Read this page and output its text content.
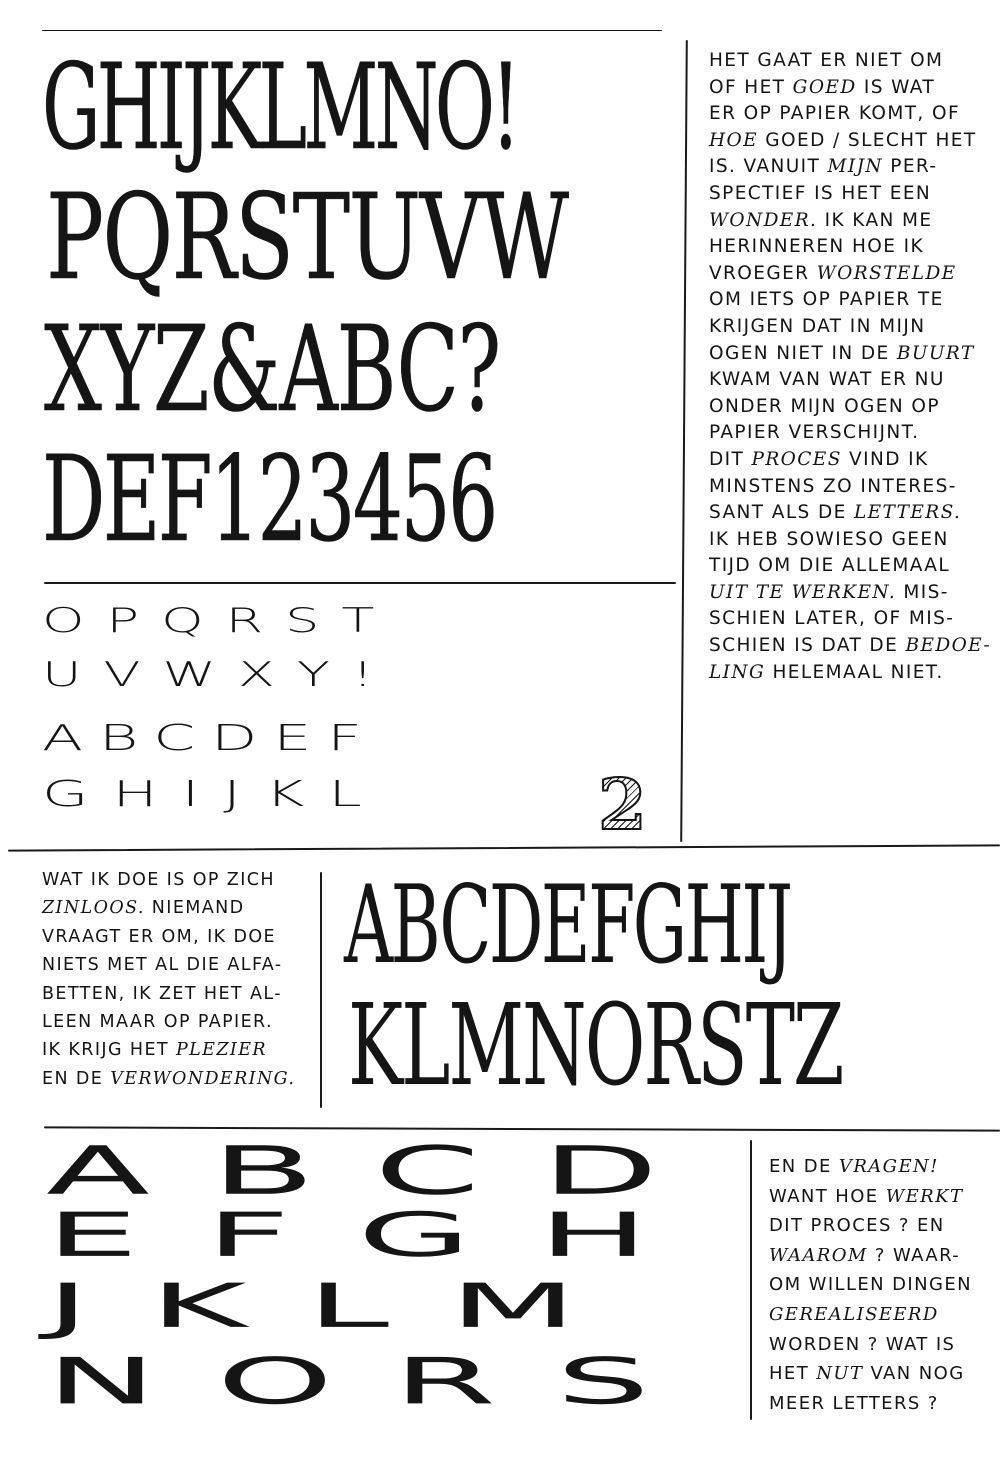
GHIJKLMNO!
PQRSTUVW
XYZ&ABC?
DEF123456
OPQRST
UVWXY!
ABCDEF
GHIJKL	2
ABCDEFGHIJ
KLMNORSTZ
ABCD
EFGH
JKLM
NORS
HET GAAT ER NIET OM
OF HET GOED IS WAT
ER OP PAPIER KOMT, OF
HOE GOED / SLECHT HET
IS. VANUIT MIJN PER-
SPECTIEF IS HET EEN
WONDER. IK KAN ME
HERINNEREN HOE IK
VROEGER WORSTELDE
OM IETS OP PAPIER TE
KRIJGEN DAT IN MIJN
OGEN NIET IN DE BUURT
KWAM VAN WAT ER NU
ONDER MIJN OGEN OP
PAPIER VERSCHIJNT.
DIT PROCES VIND IK
MINSTENS ZO INTERES-
SANT ALS DE LETTERS.
IK HEB SOWIESO GEEN
TIJD OM DIE ALLEMAAL
UIT TE WERKEN. MIS-
SCHIEN LATER, OF MIS-
SCHIEN IS DAT DE BEDOE-
LING HELEMAAL NIET.
WAT IK DOE IS OP ZICH
ZINLOOS. NIEMAND
VRAAGT ER OM, IK DOE
NIETS MET AL DIE ALFA-
BETTEN, IK ZET HET AL-
LEEN MAAR OP PAPIER.
IK KRIJG HET PLEZIER
EN DE VERWONDERING.
EN DE VRAGEN!
WANT HOE WERKT
DIT PROCES ? EN
WAAROM ? WAAR-
OM WILLEN DINGEN
GEREALISEERD
WORDEN ? WAT IS
HET NUT VAN NOG
MEER LETTERS ?
